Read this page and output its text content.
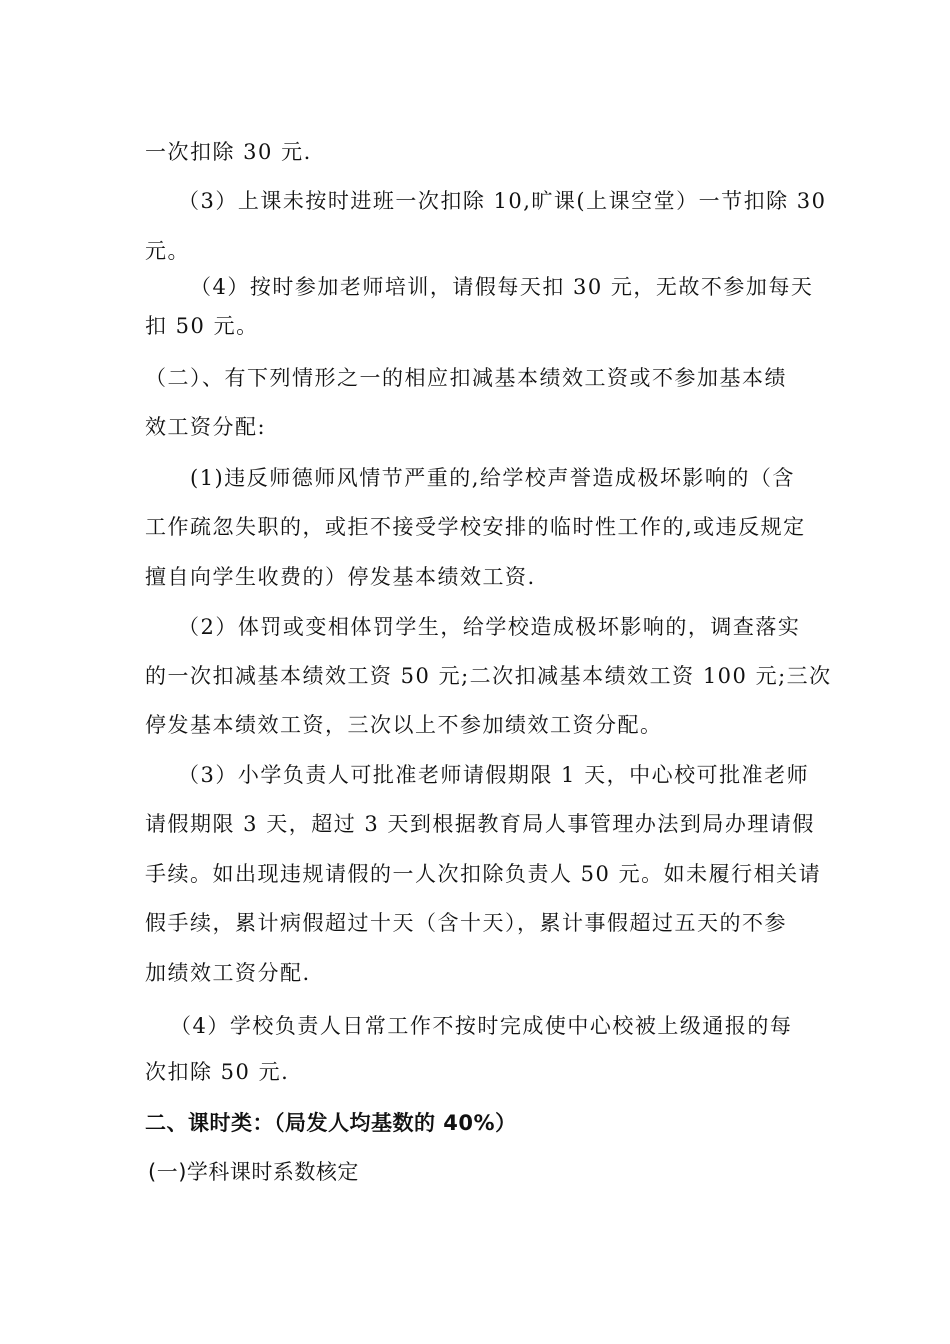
一次扣除 30 元.
（3）上课未按时进班一次扣除 10,旷课(上课空堂）一节扣除 30
元。
（4）按时参加老师培训，请假每天扣 30 元，无故不参加每天
扣 50 元。
（二）、有下列情形之一的相应扣减基本绩效工资或不参加基本绩
效工资分配:
(1)违反师德师风情节严重的,给学校声誉造成极坏影响的（含
工作疏忽失职的，或拒不接受学校安排的临时性工作的,或违反规定
擅自向学生收费的）停发基本绩效工资.
（2）体罚或变相体罚学生，给学校造成极坏影响的，调查落实
的一次扣减基本绩效工资 50 元;二次扣减基本绩效工资 100 元;三次
停发基本绩效工资，三次以上不参加绩效工资分配。
（3）小学负责人可批准老师请假期限 1 天，中心校可批准老师
请假期限 3 天，超过 3 天到根据教育局人事管理办法到局办理请假
手续。如出现违规请假的一人次扣除负责人 50 元。如未履行相关请
假手续，累计病假超过十天（含十天），累计事假超过五天的不参
加绩效工资分配.
（4）学校负责人日常工作不按时完成使中心校被上级通报的每
次扣除 50 元.
二、课时类：（局发人均基数的 40%）
(一)学科课时系数核定
